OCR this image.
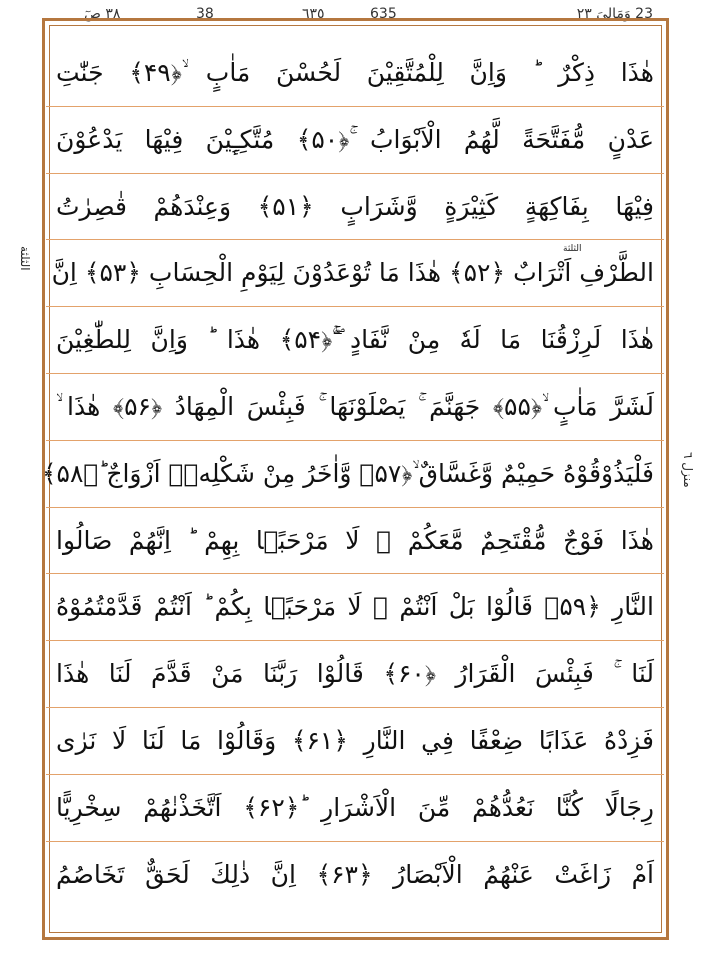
٣٨ صٓ	38	٦٣٥	635	23 وَمَالِیَ ٢٣
الثلثة
منزل ٦
الثلثة
هٰذَا ذِكْرٌ ؕ وَاِنَّ لِلْمُتَّقِيْنَ لَحُسْنَ مَاٰبٍ ۙ﴿۴۹﴾ جَنّٰتِ
عَدْنٍ مُّفَتَّحَةً لَّهُمُ الْاَبْوَابُ ۚ﴿۵۰﴾ مُتَّكِـِٕيْنَ فِيْهَا يَدْعُوْنَ
فِيْهَا بِفَاكِهَةٍ كَثِيْرَةٍ وَّشَرَابٍ ﴿۵۱﴾ وَعِنْدَهُمْ قٰصِرٰتُ
الطَّرْفِ اَتْرَابٌ ﴿۵۲﴾ هٰذَا مَا تُوْعَدُوْنَ لِيَوْمِ الْحِسَابِ ﴿۵۳﴾ اِنَّ
هٰذَا لَرِزْقُنَا مَا لَهٗ مِنْ نَّفَادٍ ۚۖ﴿۵۴﴾ هٰذَا ؕ وَاِنَّ لِلطّٰغِيْنَ
لَشَرَّ مَاٰبٍ ۙ﴿۵۵﴾ جَهَنَّمَ ۚ يَصْلَوْنَهَا ۚ فَبِئْسَ الْمِهَادُ ﴿۵۶﴾ هٰذَا ۙ
فَلْيَذُوْقُوْهُ حَمِيْمٌ وَّغَسَّاقٌ ۙ﴿۵۷﴾ وَّاٰخَرُ مِنْ شَكْلِهٖۤ اَزْوَاجٌ ؕ﴿۵۸﴾
هٰذَا فَوْجٌ مُّقْتَحِمٌ مَّعَكُمْ ۚ لَا مَرْحَبًۢا بِهِمْ ؕ اِنَّهُمْ صَالُوا
النَّارِ ﴿۵۹﴾ قَالُوْا بَلْ اَنْتُمْ ۚ لَا مَرْحَبًۢا بِكُمْ ؕ اَنْتُمْ قَدَّمْتُمُوْهُ
لَنَا ۚ فَبِئْسَ الْقَرَارُ ﴿۶۰﴾ قَالُوْا رَبَّنَا مَنْ قَدَّمَ لَنَا هٰذَا
فَزِدْهُ عَذَابًا ضِعْفًا فِي النَّارِ ﴿۶۱﴾ وَقَالُوْا مَا لَنَا لَا نَرٰى
رِجَالًا كُنَّا نَعُدُّهُمْ مِّنَ الْاَشْرَارِ ؕ﴿۶۲﴾ اَتَّخَذْنٰهُمْ سِخْرِيًّا
اَمْ زَاغَتْ عَنْهُمُ الْاَبْصَارُ ﴿۶۳﴾ اِنَّ ذٰلِكَ لَحَقٌّ تَخَاصُمُ
